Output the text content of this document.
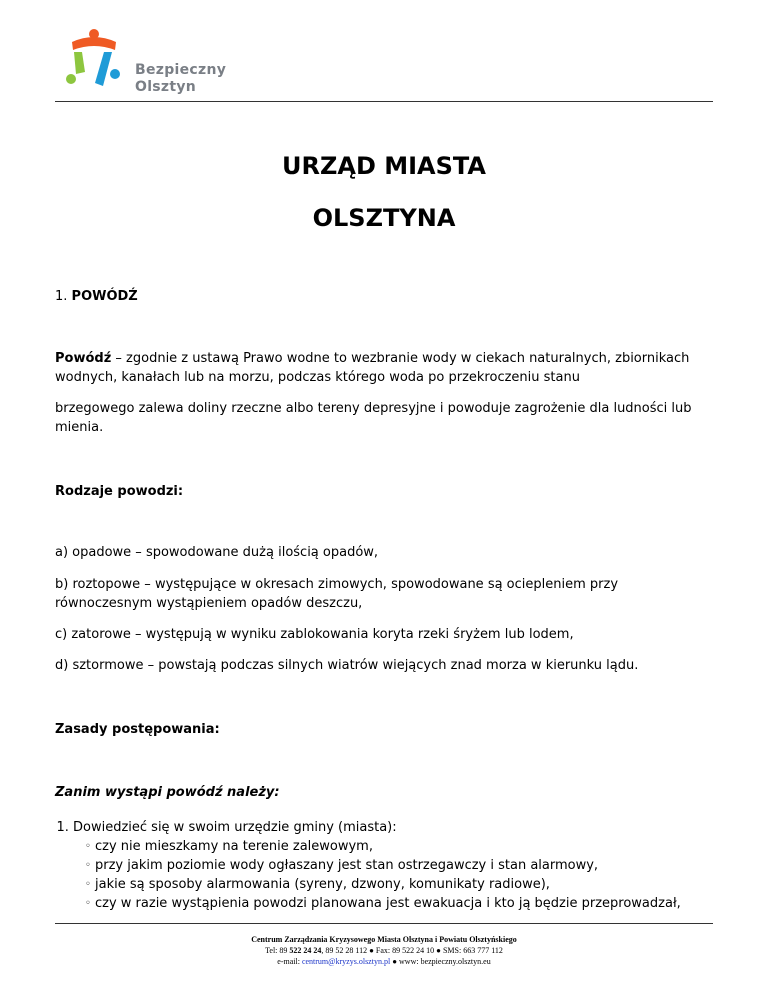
Bezpieczny
Olsztyn
URZĄD MIASTA
OLSZTYNA
1. POWÓDŹ
Powódź – zgodnie z ustawą Prawo wodne to wezbranie wody w ciekach naturalnych, zbiornikach wodnych, kanałach lub na morzu, podczas którego woda po przekroczeniu stanu
brzegowego zalewa doliny rzeczne albo tereny depresyjne i powoduje zagrożenie dla ludności lub mienia.
Rodzaje powodzi:
a) opadowe – spowodowane dużą ilością opadów,
b) roztopowe – występujące w okresach zimowych, spowodowane są ociepleniem przy równoczesnym wystąpieniem opadów deszczu,
c) zatorowe – występują w wyniku zablokowania koryta rzeki śryżem lub lodem,
d) sztormowe – powstają podczas silnych wiatrów wiejących znad morza w kierunku lądu.
Zasady postępowania:
Zanim wystąpi powódź należy:
1. Dowiedzieć się w swoim urzędzie gminy (miasta):
◦ czy nie mieszkamy na terenie zalewowym,
◦ przy jakim poziomie wody ogłaszany jest stan ostrzegawczy i stan alarmowy,
◦ jakie są sposoby alarmowania (syreny, dzwony, komunikaty radiowe),
◦ czy w razie wystąpienia powodzi planowana jest ewakuacja i kto ją będzie przeprowadzał,
Centrum Zarządzania Kryzysowego Miasta Olsztyna i Powiatu Olsztyńskiego
Tel: 89 522 24 24, 89 52 28 112 ● Fax: 89 522 24 10 ● SMS: 663 777 112
e-mail: centrum@kryzys.olsztyn.pl ● www: bezpieczny.olsztyn.eu
